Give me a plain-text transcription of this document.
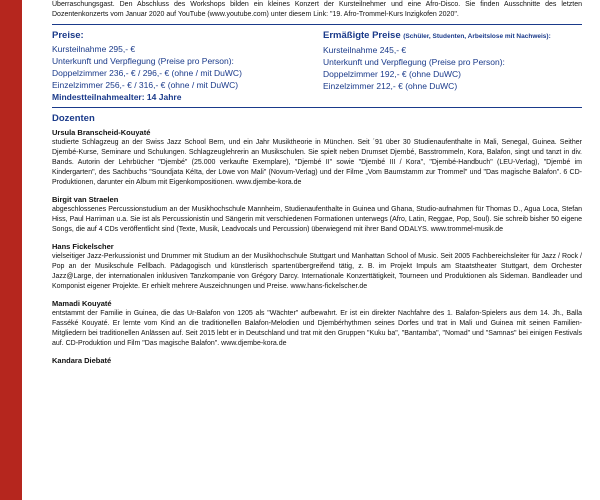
Überraschungsgast. Den Abschluss des Workshops bilden ein kleines Konzert der Kursteilnehmer und eine Afro-Disco. Sie finden Ausschnitte des letzten Dozentenkonzerts vom Januar 2020 auf YouTube (www.youtube.com) unter diesem Link: "19. Afro-Trommel-Kurs Inzigkofen 2020".
Preise:
Kursteilnahme 295,- €
Unterkunft und Verpflegung (Preise pro Person):
Doppelzimmer 236,- € / 296,- € (ohne / mit DuWC)
Einzelzimmer 256,- € / 316,- € (ohne / mit DuWC)
Mindestteilnahmealter: 14 Jahre
Ermäßigte Preise (Schüler, Studenten, Arbeitslose mit Nachweis):
Kursteilnahme 245,- €
Unterkunft und Verpflegung (Preise pro Person):
Doppelzimmer 192,- € (ohne DuWC)
Einzelzimmer 212,- € (ohne DuWC)
Dozenten
Ursula Branscheid-Kouyaté
studierte Schlagzeug an der Swiss Jazz School Bern, und ein Jahr Musiktheorie in München. Seit ´91 über 30 Studienaufenthalte in Mali, Senegal, Guinea. Seither Djembé-Kurse, Seminare und Schulungen. Schlagzeuglehrerin an Musikschulen. Sie spielt neben Drumset Djembé, Basstrommeln, Kora, Balafon, singt und tanzt in div. Bands. Autorin der Lehrbücher "Djembé" (25.000 verkaufte Exemplare), "Djembé II" sowie "Djembé III / Kora", "Djembé-Handbuch" (LEU-Verlag), "Djembé im Kindergarten", des Sachbuchs "Soundjata Kéïta, der Löwe von Mali" (Novum-Verlag) und der Filme „Vom Baumstamm zur Trommel" und "Das magische Balafon". 6 CD-Produktionen, darunter ein Album mit Eigenkompositionen. www.djembe-kora.de
Birgit van Straelen
abgeschlossenes Percussionstudium an der Musikhochschule Mannheim, Studienaufenthalte in Guinea und Ghana, Studio-aufnahmen für Thomas D., Agua Loca, Stefan Hiss, Paul Harriman u.a. Sie ist als Percussionistin und Sängerin mit verschiedenen Formationen unterwegs (Afro, Latin, Reggae, Pop, Soul). Sie schreib bisher 50 eigene Songs, die auf 4 CDs veröffentlicht sind (Texte, Musik, Leadvocals und Percussion) überwiegend mit ihrer Band ODALYS. www.trommel-musik.de
Hans Fickelscher
vielseitiger Jazz-Perkussionist und Drummer mit Studium an der Musikhochschule Stuttgart und Manhattan School of Music. Seit 2005 Fachbereichsleiter für Jazz / Rock / Pop an der Musikschule Fellbach. Pädagogisch und künstlerisch spartenübergreifend tätig, z. B. im Projekt Impuls am Staatstheater Stuttgart, dem Orchester Jazz@Large, der internationalen inklusiven Tanzkompanie von Grégory Darcy. Internationale Konzerttätigkeit, Tourneen und Produktionen als Sideman. Bandleader und Komponist eigener Projekte. Er erhielt mehrere Auszeichnungen und Preise. www.hans-fickelscher.de
Mamadi Kouyaté
entstammt der Familie in Guinea, die das Ur-Balafon von 1205 als "Wächter" aufbewahrt. Er ist ein direkter Nachfahre des 1. Balafon-Spielers aus dem 14. Jh., Balla Fasséké Kouyaté. Er lernte vom Kind an die traditionellen Balafon-Melodien und Djembérhythmen seines Dorfes und trat in Mali und Guinea mit seinen Familien-Mitgliedern bei traditionellen Anlässen auf. Seit 2015 lebt er in Deutschland und trat mit den Gruppen "Kuku ba", "Bantamba", "Nomad" und "Samnas" bei einigen Festivals auf. CD-Produktion und Film "Das magische Balafon". www.djembe-kora.de
Kandara Diebaté
